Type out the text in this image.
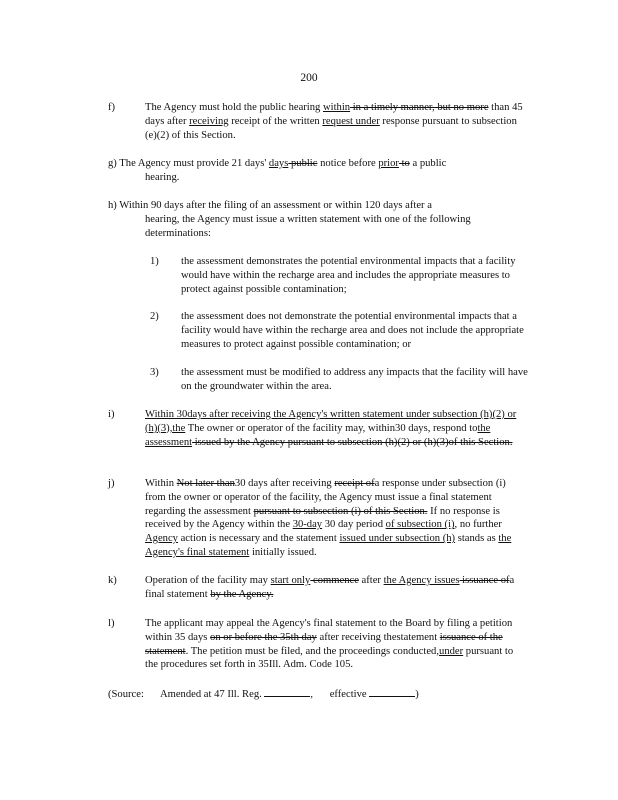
200
f)	The Agency must hold the public hearing within in a timely manner, but no more than 45 days after receiving receipt of the written request under response pursuant to subsection (e)(2) of this Section.
g) The Agency must provide 21 days' days public notice before prior to a public
hearing.
h) Within 90 days after the filing of an assessment or within 120 days after a
hearing, the Agency must issue a written statement with one of the following determinations:
1)	the assessment demonstrates the potential environmental impacts that a facility would have within the recharge area and includes the appropriate measures to protect against possible contamination;
2)	the assessment does not demonstrate the potential environmental impacts that a facility would have within the recharge area and does not include the appropriate measures to protect against possible contamination; or
3)	the assessment must be modified to address any impacts that the facility will have on the groundwater within the area.
i)	Within 30days after receiving the Agency's written statement under subsection (h)(2) or (h)(3),the The owner or operator of the facility may, within30 days, respond tothe assessment issued by the Agency pursuant to subsection (h)(2) or (h)(3)of this Section.
j)	Within Not later than30 days after receiving receipt ofa response under subsection (i) from the owner or operator of the facility, the Agency must issue a final statement regarding the assessment pursuant to subsection (i) of this Section. If no response is received by the Agency within the 30-day 30 day period of subsection (i), no further Agency action is necessary and the statement issued under subsection (h) stands as the Agency's final statement initially issued.
k)	Operation of the facility may start only commence after the Agency issues issuance ofa final statement by the Agency.
l)	The applicant may appeal the Agency's final statement to the Board by filing a petition within 35 days on or before the 35th day after receiving thestatement issuance of the statement. The petition must be filed, and the proceedings conducted,under pursuant to the procedures set forth in 35Ill. Adm. Code 105.
(Source: Amended at 47 Ill. Reg.	, effective	)
